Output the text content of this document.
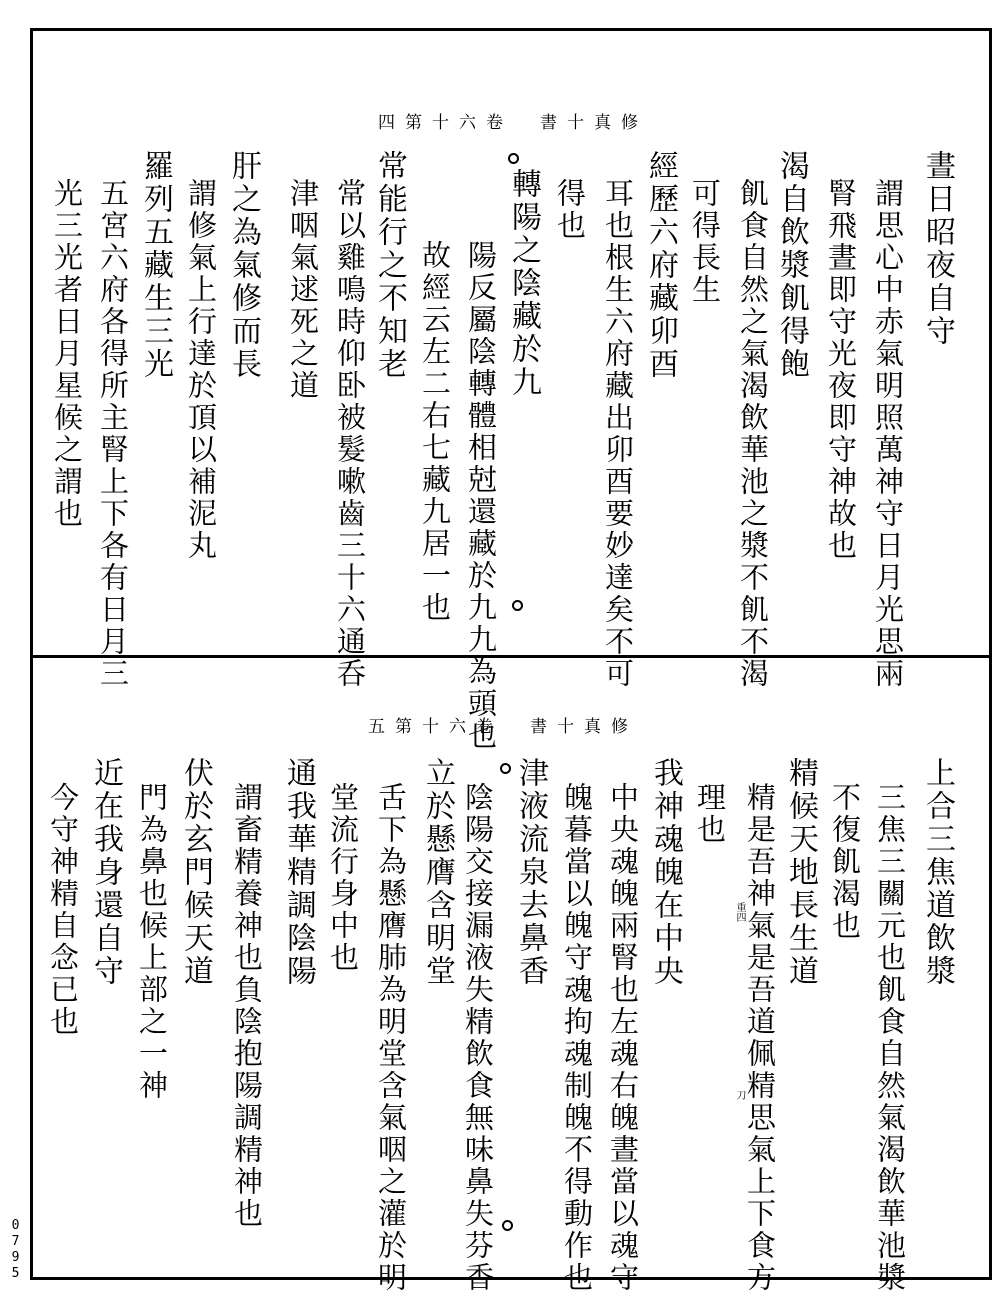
四第十六卷　書十真修
晝日昭夜自守
謂思心中赤氣明照萬神守日月光思兩
腎飛晝即守光夜即守神故也
渴自飲漿飢得飽
飢食自然之氣渴飲華池之漿不飢不渴
可得長生
經歷六府藏卯酉
耳也根生六府藏出卯酉要妙達矣不可
得也
轉陽之陰藏於九
陽反屬陰轉體相尅還藏於九九為頭也
故經云左二右七藏九居一也
常能行之不知老
常以雞鳴時仰卧被髮嗽齒三十六通呑
津咽氣逑死之道
肝之為氣修而長
謂修氣上行達於頂以補泥丸
羅列五藏生三光
五宮六府各得所主腎上下各有日月三
光三光者日月星候之謂也
五第十六卷　書十真修
上合三焦道飲漿
三焦三關元也飢食自然氣渴飲華池漿
不復飢渴也
精候天地長生道
精是吾神氣是吾道佩精思氣上下食方
重四
刀
理也
我神魂魄在中央
中央魂魄兩腎也左魂右魄晝當以魂守
魄暮當以魄守魂拘魂制魄不得動作也
津液流泉去鼻香
陰陽交接漏液失精飲食無味鼻失芬香
立於懸膺含明堂
舌下為懸膺肺為明堂含氣咽之灌於明
堂流行身中也
通我華精調陰陽
謂畜精養神也負陰抱陽調精神也
伏於玄門候天道
門為鼻也候上部之一神
近在我身還自守
今守神精自念已也
0795
